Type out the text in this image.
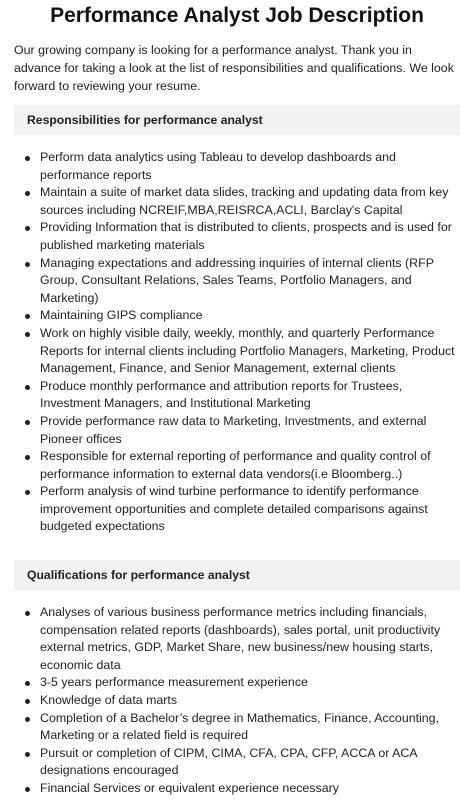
Performance Analyst Job Description

Our growing company is looking for a performance analyst. Thank you in advance for taking a look at the list of responsibilities and qualifications. We look forward to reviewing your resume.

Responsibilities for performance analyst
Perform data analytics using Tableau to develop dashboards and performance reports
Maintain a suite of market data slides, tracking and updating data from key sources including NCREIF,MBA,REISRCA,ACLI, Barclay's Capital
Providing Information that is distributed to clients, prospects and is used for published marketing materials
Managing expectations and addressing inquiries of internal clients (RFP Group, Consultant Relations, Sales Teams, Portfolio Managers, and Marketing)
Maintaining GIPS compliance
Work on highly visible daily, weekly, monthly, and quarterly Performance Reports for internal clients including Portfolio Managers, Marketing, Product Management, Finance, and Senior Management, external clients
Produce monthly performance and attribution reports for Trustees, Investment Managers, and Institutional Marketing
Provide performance raw data to Marketing, Investments, and external Pioneer offices
Responsible for external reporting of performance and quality control of performance information to external data vendors(i.e Bloomberg..)
Perform analysis of wind turbine performance to identify performance improvement opportunities and complete detailed comparisons against budgeted expectations
Qualifications for performance analyst
Analyses of various business performance metrics including financials, compensation related reports (dashboards), sales portal, unit productivity external metrics, GDP, Market Share, new business/new housing starts, economic data
3-5 years performance measurement experience
Knowledge of data marts
Completion of a Bachelor’s degree in Mathematics, Finance, Accounting, Marketing or a related field is required
Pursuit or completion of CIPM, CIMA, CFA, CPA, CFP, ACCA or ACA designations encouraged
Financial Services or equivalent experience necessary
